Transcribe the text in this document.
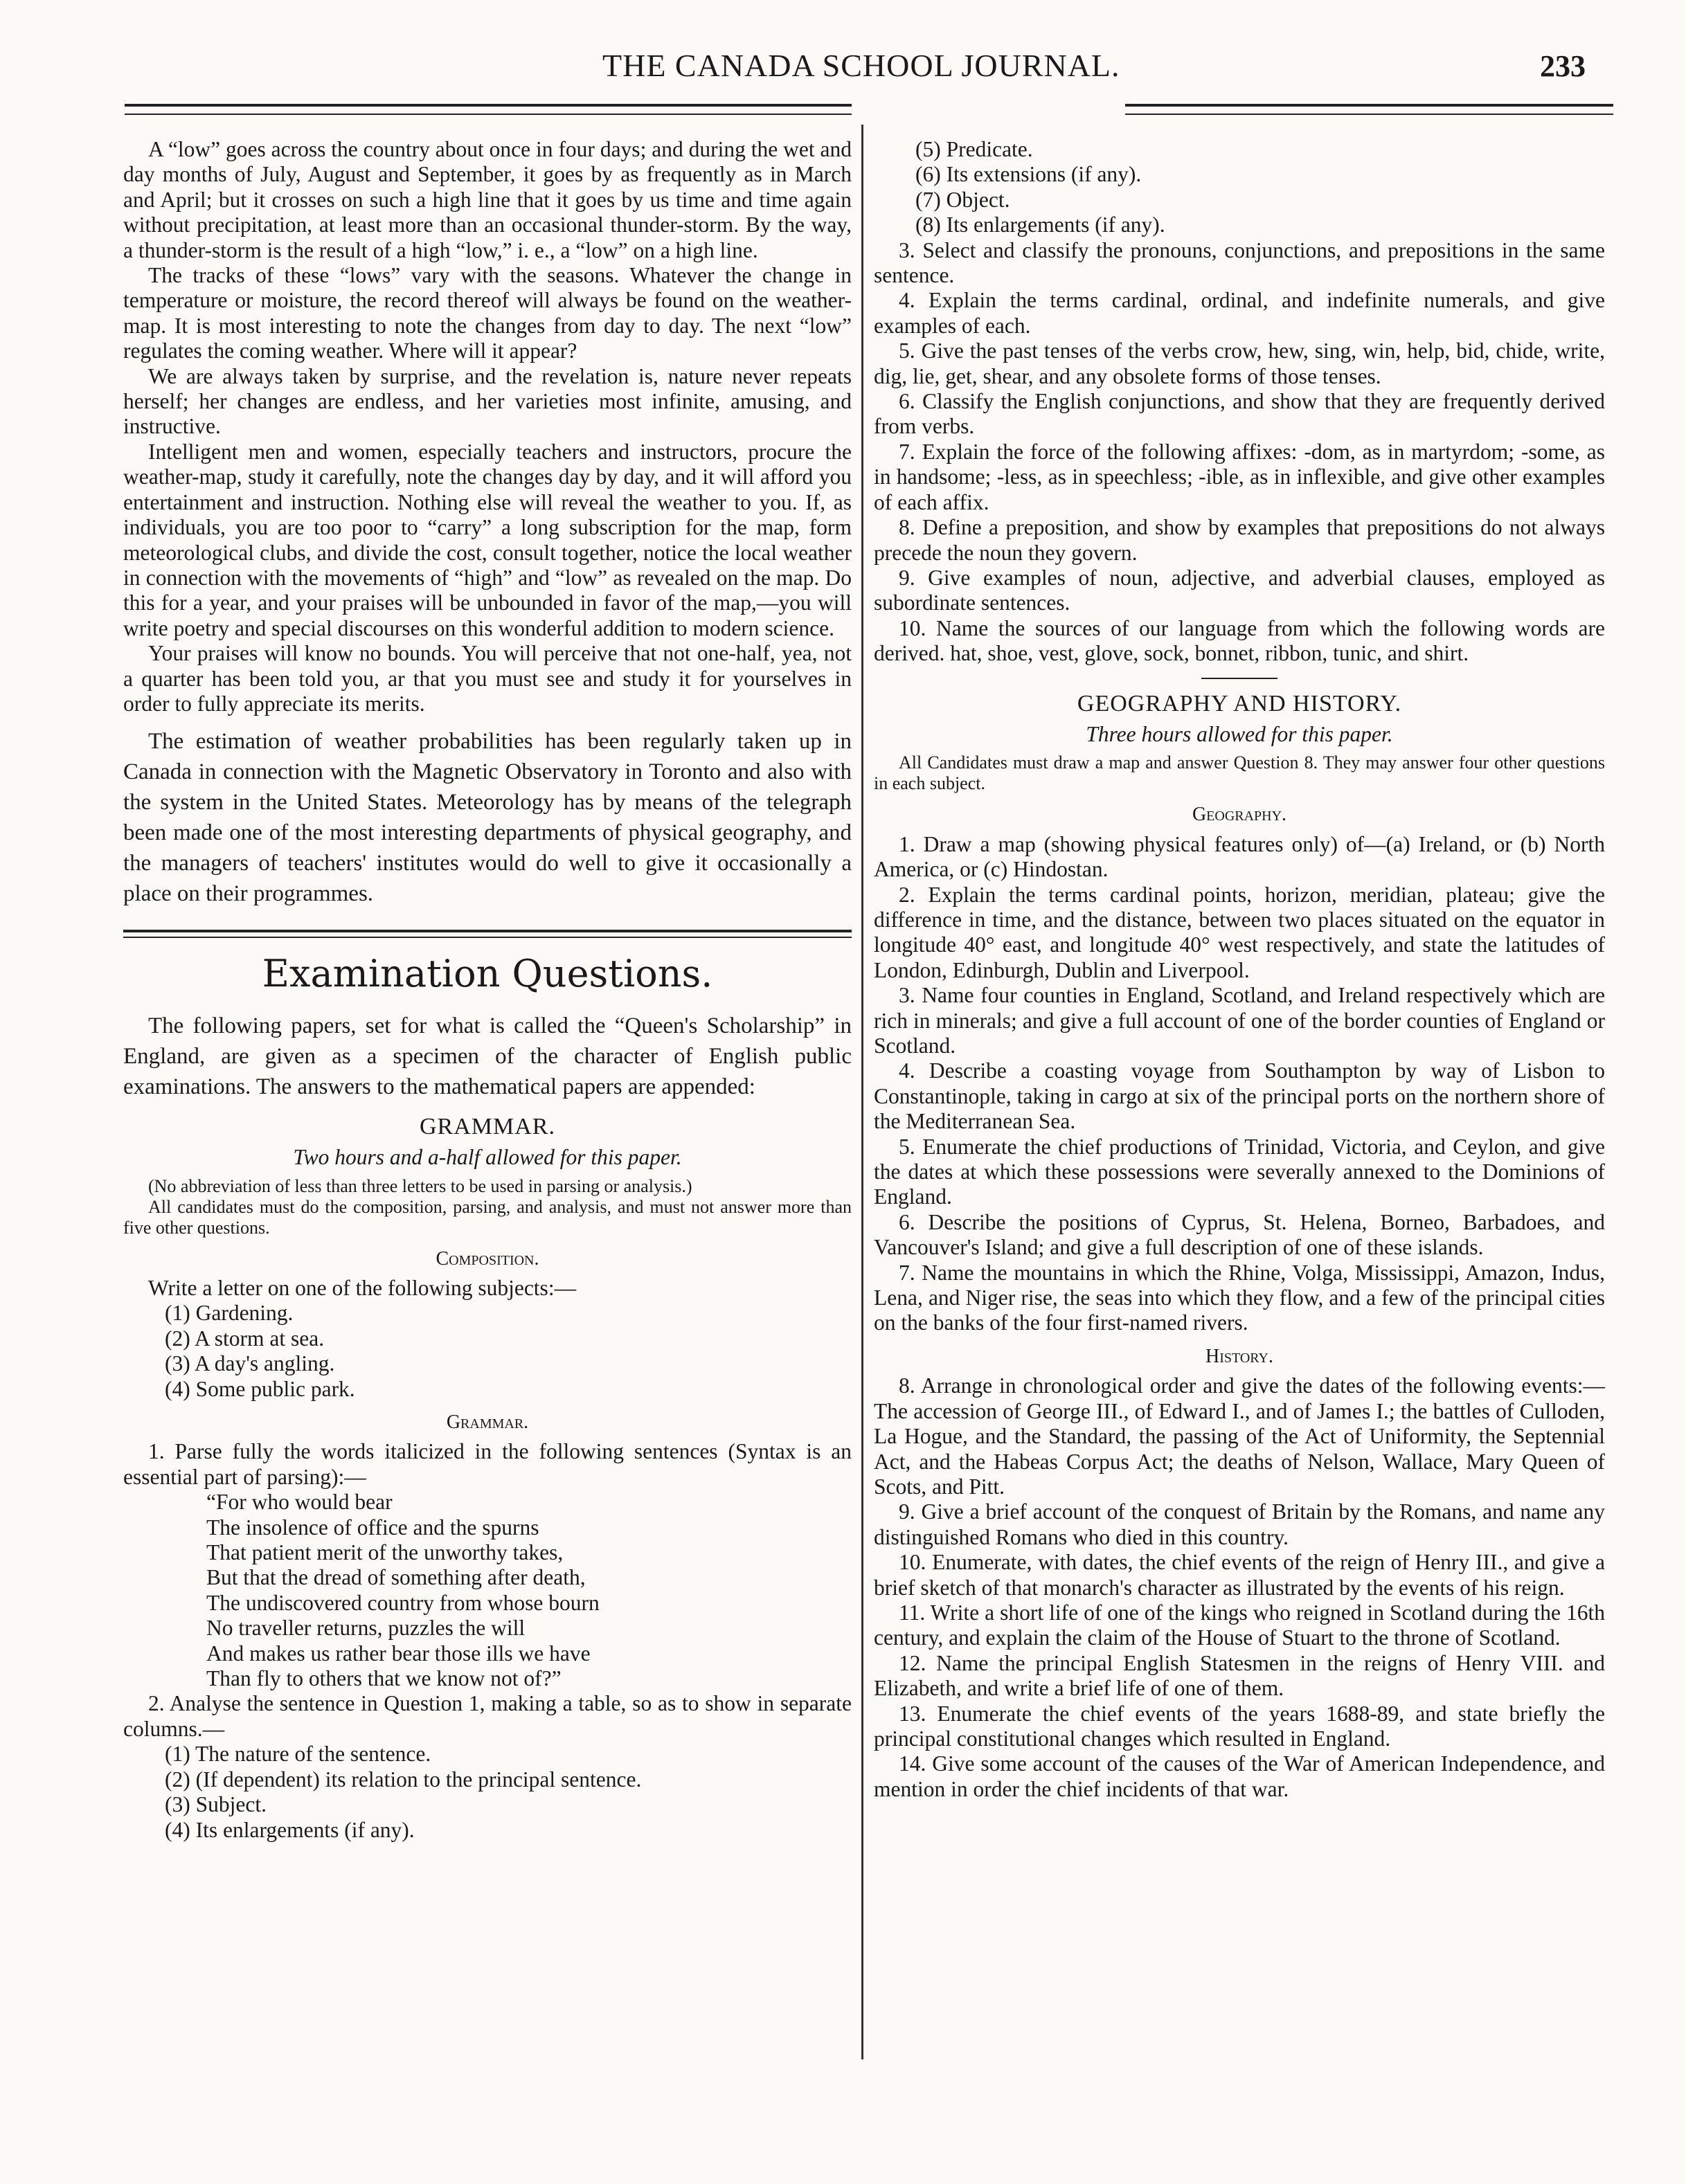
THE CANADA SCHOOL JOURNAL.	233

A “low” goes across the country about once in four days; and during the wet and day months of July, August and September, it goes by as frequently as in March and April; but it crosses on such a high line that it goes by us time and time again without precipitation, at least more than an occasional thunder-storm. By the way, a thunder-storm is the result of a high “low,” i. e., a “low” on a high line.

The tracks of these “lows” vary with the seasons. Whatever the change in temperature or moisture, the record thereof will always be found on the weather-map. It is most interesting to note the changes from day to day. The next “low” regulates the coming weather. Where will it appear?

We are always taken by surprise, and the revelation is, nature never repeats herself; her changes are endless, and her varieties most infinite, amusing, and instructive.

Intelligent men and women, especially teachers and instructors, procure the weather-map, study it carefully, note the changes day by day, and it will afford you entertainment and instruction. Nothing else will reveal the weather to you. If, as individuals, you are too poor to “carry” a long subscription for the map, form meteorological clubs, and divide the cost, consult together, notice the local weather in connection with the movements of “high” and “low” as revealed on the map. Do this for a year, and your praises will be unbounded in favor of the map,—you will write poetry and special discourses on this wonderful addition to modern science.

Your praises will know no bounds. You will perceive that not one-half, yea, not a quarter has been told you, ar that you must see and study it for yourselves in order to fully appreciate its merits.

The estimation of weather probabilities has been regularly taken up in Canada in connection with the Magnetic Observatory in Toronto and also with the system in the United States. Meteorology has by means of the telegraph been made one of the most interesting departments of physical geography, and the managers of teachers' institutes would do well to give it occasionally a place on their programmes.

Examination Questions.

The following papers, set for what is called the “Queen's Scholarship” in England, are given as a specimen of the character of English public examinations. The answers to the mathematical papers are appended:

GRAMMAR.
Two hours and a-half allowed for this paper.
(No abbreviation of less than three letters to be used in parsing or analysis.)
All candidates must do the composition, parsing, and analysis, and must not answer more than five other questions.
Composition.

Write a letter on one of the following subjects:—

(1) Gardening.
(2) A storm at sea.
(3) A day's angling.
(4) Some public park.
Grammar.

1. Parse fully the words italicized in the following sentences (Syntax is an essential part of parsing):—

“For who would bear
The insolence of office and the spurns
That patient merit of the unworthy takes,
But that the dread of something after death,
The undiscovered country from whose bourn
No traveller returns, puzzles the will
And makes us rather bear those ills we have
Than fly to others that we know not of?”

2. Analyse the sentence in Question 1, making a table, so as to show in separate columns.—

(1) The nature of the sentence.
(2) (If dependent) its relation to the principal sentence.
(3) Subject.
(4) Its enlargements (if any).
(5) Predicate.
(6) Its extensions (if any).
(7) Object.
(8) Its enlargements (if any).

3. Select and classify the pronouns, conjunctions, and prepositions in the same sentence.

4. Explain the terms cardinal, ordinal, and indefinite numerals, and give examples of each.

5. Give the past tenses of the verbs crow, hew, sing, win, help, bid, chide, write, dig, lie, get, shear, and any obsolete forms of those tenses.

6. Classify the English conjunctions, and show that they are frequently derived from verbs.

7. Explain the force of the following affixes: -dom, as in martyrdom; -some, as in handsome; -less, as in speechless; -ible, as in inflexible, and give other examples of each affix.

8. Define a preposition, and show by examples that prepositions do not always precede the noun they govern.

9. Give examples of noun, adjective, and adverbial clauses, employed as subordinate sentences.

10. Name the sources of our language from which the following words are derived. hat, shoe, vest, glove, sock, bonnet, ribbon, tunic, and shirt.

GEOGRAPHY AND HISTORY.
Three hours allowed for this paper.
All Candidates must draw a map and answer Question 8. They may answer four other questions in each subject.
Geography.

1. Draw a map (showing physical features only) of—(a) Ireland, or (b) North America, or (c) Hindostan.

2. Explain the terms cardinal points, horizon, meridian, plateau; give the difference in time, and the distance, between two places situated on the equator in longitude 40° east, and longitude 40° west respectively, and state the latitudes of London, Edinburgh, Dublin and Liverpool.

3. Name four counties in England, Scotland, and Ireland respectively which are rich in minerals; and give a full account of one of the border counties of England or Scotland.

4. Describe a coasting voyage from Southampton by way of Lisbon to Constantinople, taking in cargo at six of the principal ports on the northern shore of the Mediterranean Sea.

5. Enumerate the chief productions of Trinidad, Victoria, and Ceylon, and give the dates at which these possessions were severally annexed to the Dominions of England.

6. Describe the positions of Cyprus, St. Helena, Borneo, Barbadoes, and Vancouver's Island; and give a full description of one of these islands.

7. Name the mountains in which the Rhine, Volga, Mississippi, Amazon, Indus, Lena, and Niger rise, the seas into which they flow, and a few of the principal cities on the banks of the four first-named rivers.

History.

8. Arrange in chronological order and give the dates of the following events:—The accession of George III., of Edward I., and of James I.; the battles of Culloden, La Hogue, and the Standard, the passing of the Act of Uniformity, the Septennial Act, and the Habeas Corpus Act; the deaths of Nelson, Wallace, Mary Queen of Scots, and Pitt.

9. Give a brief account of the conquest of Britain by the Romans, and name any distinguished Romans who died in this country.

10. Enumerate, with dates, the chief events of the reign of Henry III., and give a brief sketch of that monarch's character as illustrated by the events of his reign.

11. Write a short life of one of the kings who reigned in Scotland during the 16th century, and explain the claim of the House of Stuart to the throne of Scotland.

12. Name the principal English Statesmen in the reigns of Henry VIII. and Elizabeth, and write a brief life of one of them.

13. Enumerate the chief events of the years 1688-89, and state briefly the principal constitutional changes which resulted in England.

14. Give some account of the causes of the War of American Independence, and mention in order the chief incidents of that war.
